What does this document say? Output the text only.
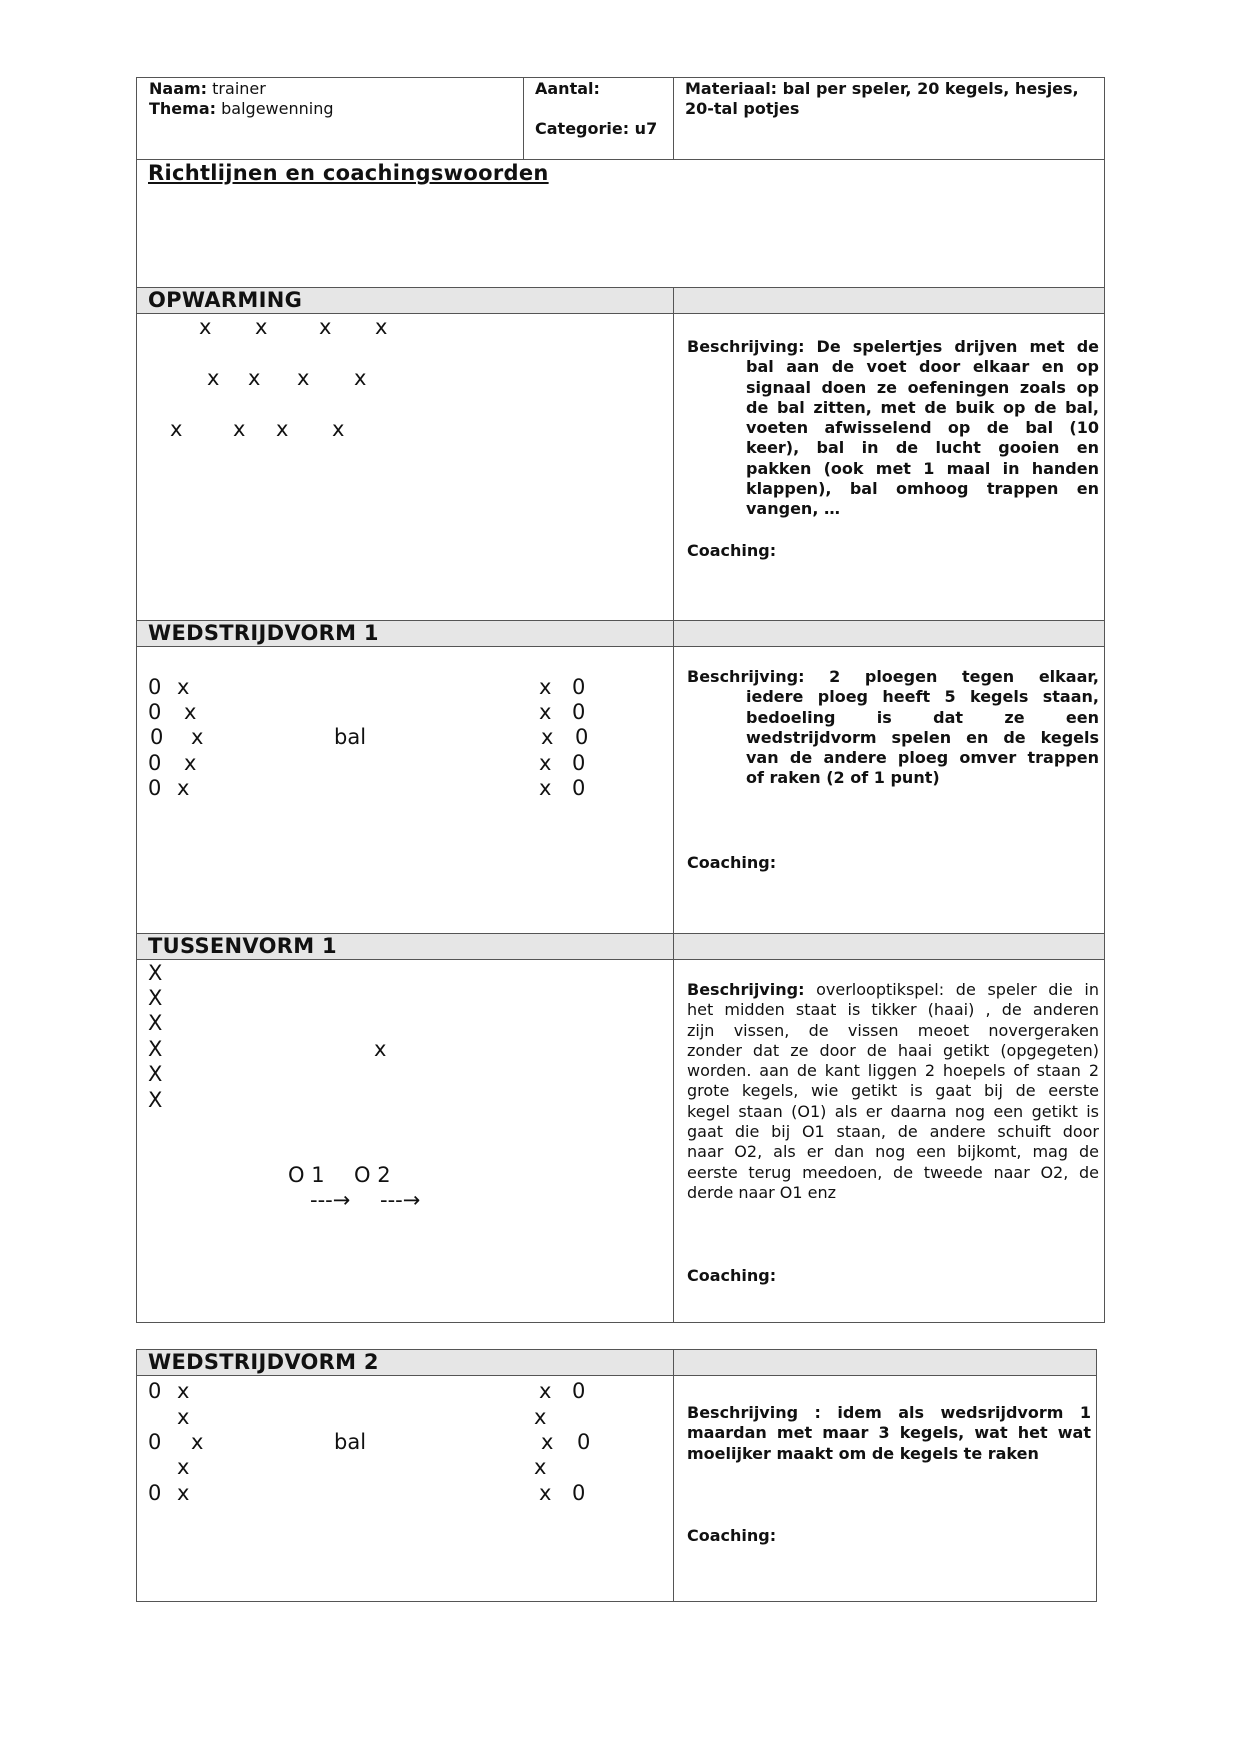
Naam: trainer
Thema: balgewenning
Aantal:
Categorie: u7
Materiaal: bal per speler, 20 kegels, hesjes,
20-tal potjes
Richtlijnen en coachingswoorden
OPWARMING
x x x x
x x x x
x x x x
Beschrijving: De spelertjes drijven met de
bal aan de voet door elkaar en op
signaal doen ze oefeningen zoals op
de bal zitten, met de buik op de bal,
voeten afwisselend op de bal (10
keer), bal in de lucht gooien en
pakken (ook met 1 maal in handen
klappen), bal omhoog trappen en
vangen, …
Coaching:
WEDSTRIJDVORM 1
0 x
0 x
0 x
0 x
0 x
bal
x 0
x 0
x 0
x 0
x 0
Beschrijving: 2 ploegen tegen elkaar,
iedere ploeg heeft 5 kegels staan,
bedoeling is dat ze een
wedstrijdvorm spelen en de kegels
van de andere ploeg omver trappen
of raken (2 of 1 punt)
Coaching:
TUSSENVORM 1
X
X
X
X
X
X
x
O 1 O 2
---→ ---→
Beschrijving: overlooptikspel: de speler die in
het midden staat is tikker (haai) , de anderen
zijn vissen, de vissen meoet novergeraken
zonder dat ze door de haai getikt (opgegeten)
worden. aan de kant liggen 2 hoepels of staan 2
grote kegels, wie getikt is gaat bij de eerste
kegel staan (O1) als er daarna nog een getikt is
gaat die bij O1 staan, de andere schuift door
naar O2, als er dan nog een bijkomt, mag de
eerste terug meedoen, de tweede naar O2, de
derde naar O1 enz
Coaching:
WEDSTRIJDVORM 2
0 x
x
0 x
x
0 x
bal
x 0
x
x 0
x
x 0
Beschrijving : idem als wedsrijdvorm 1
maardan met maar 3 kegels, wat het wat
moelijker maakt om de kegels te raken
Coaching:
